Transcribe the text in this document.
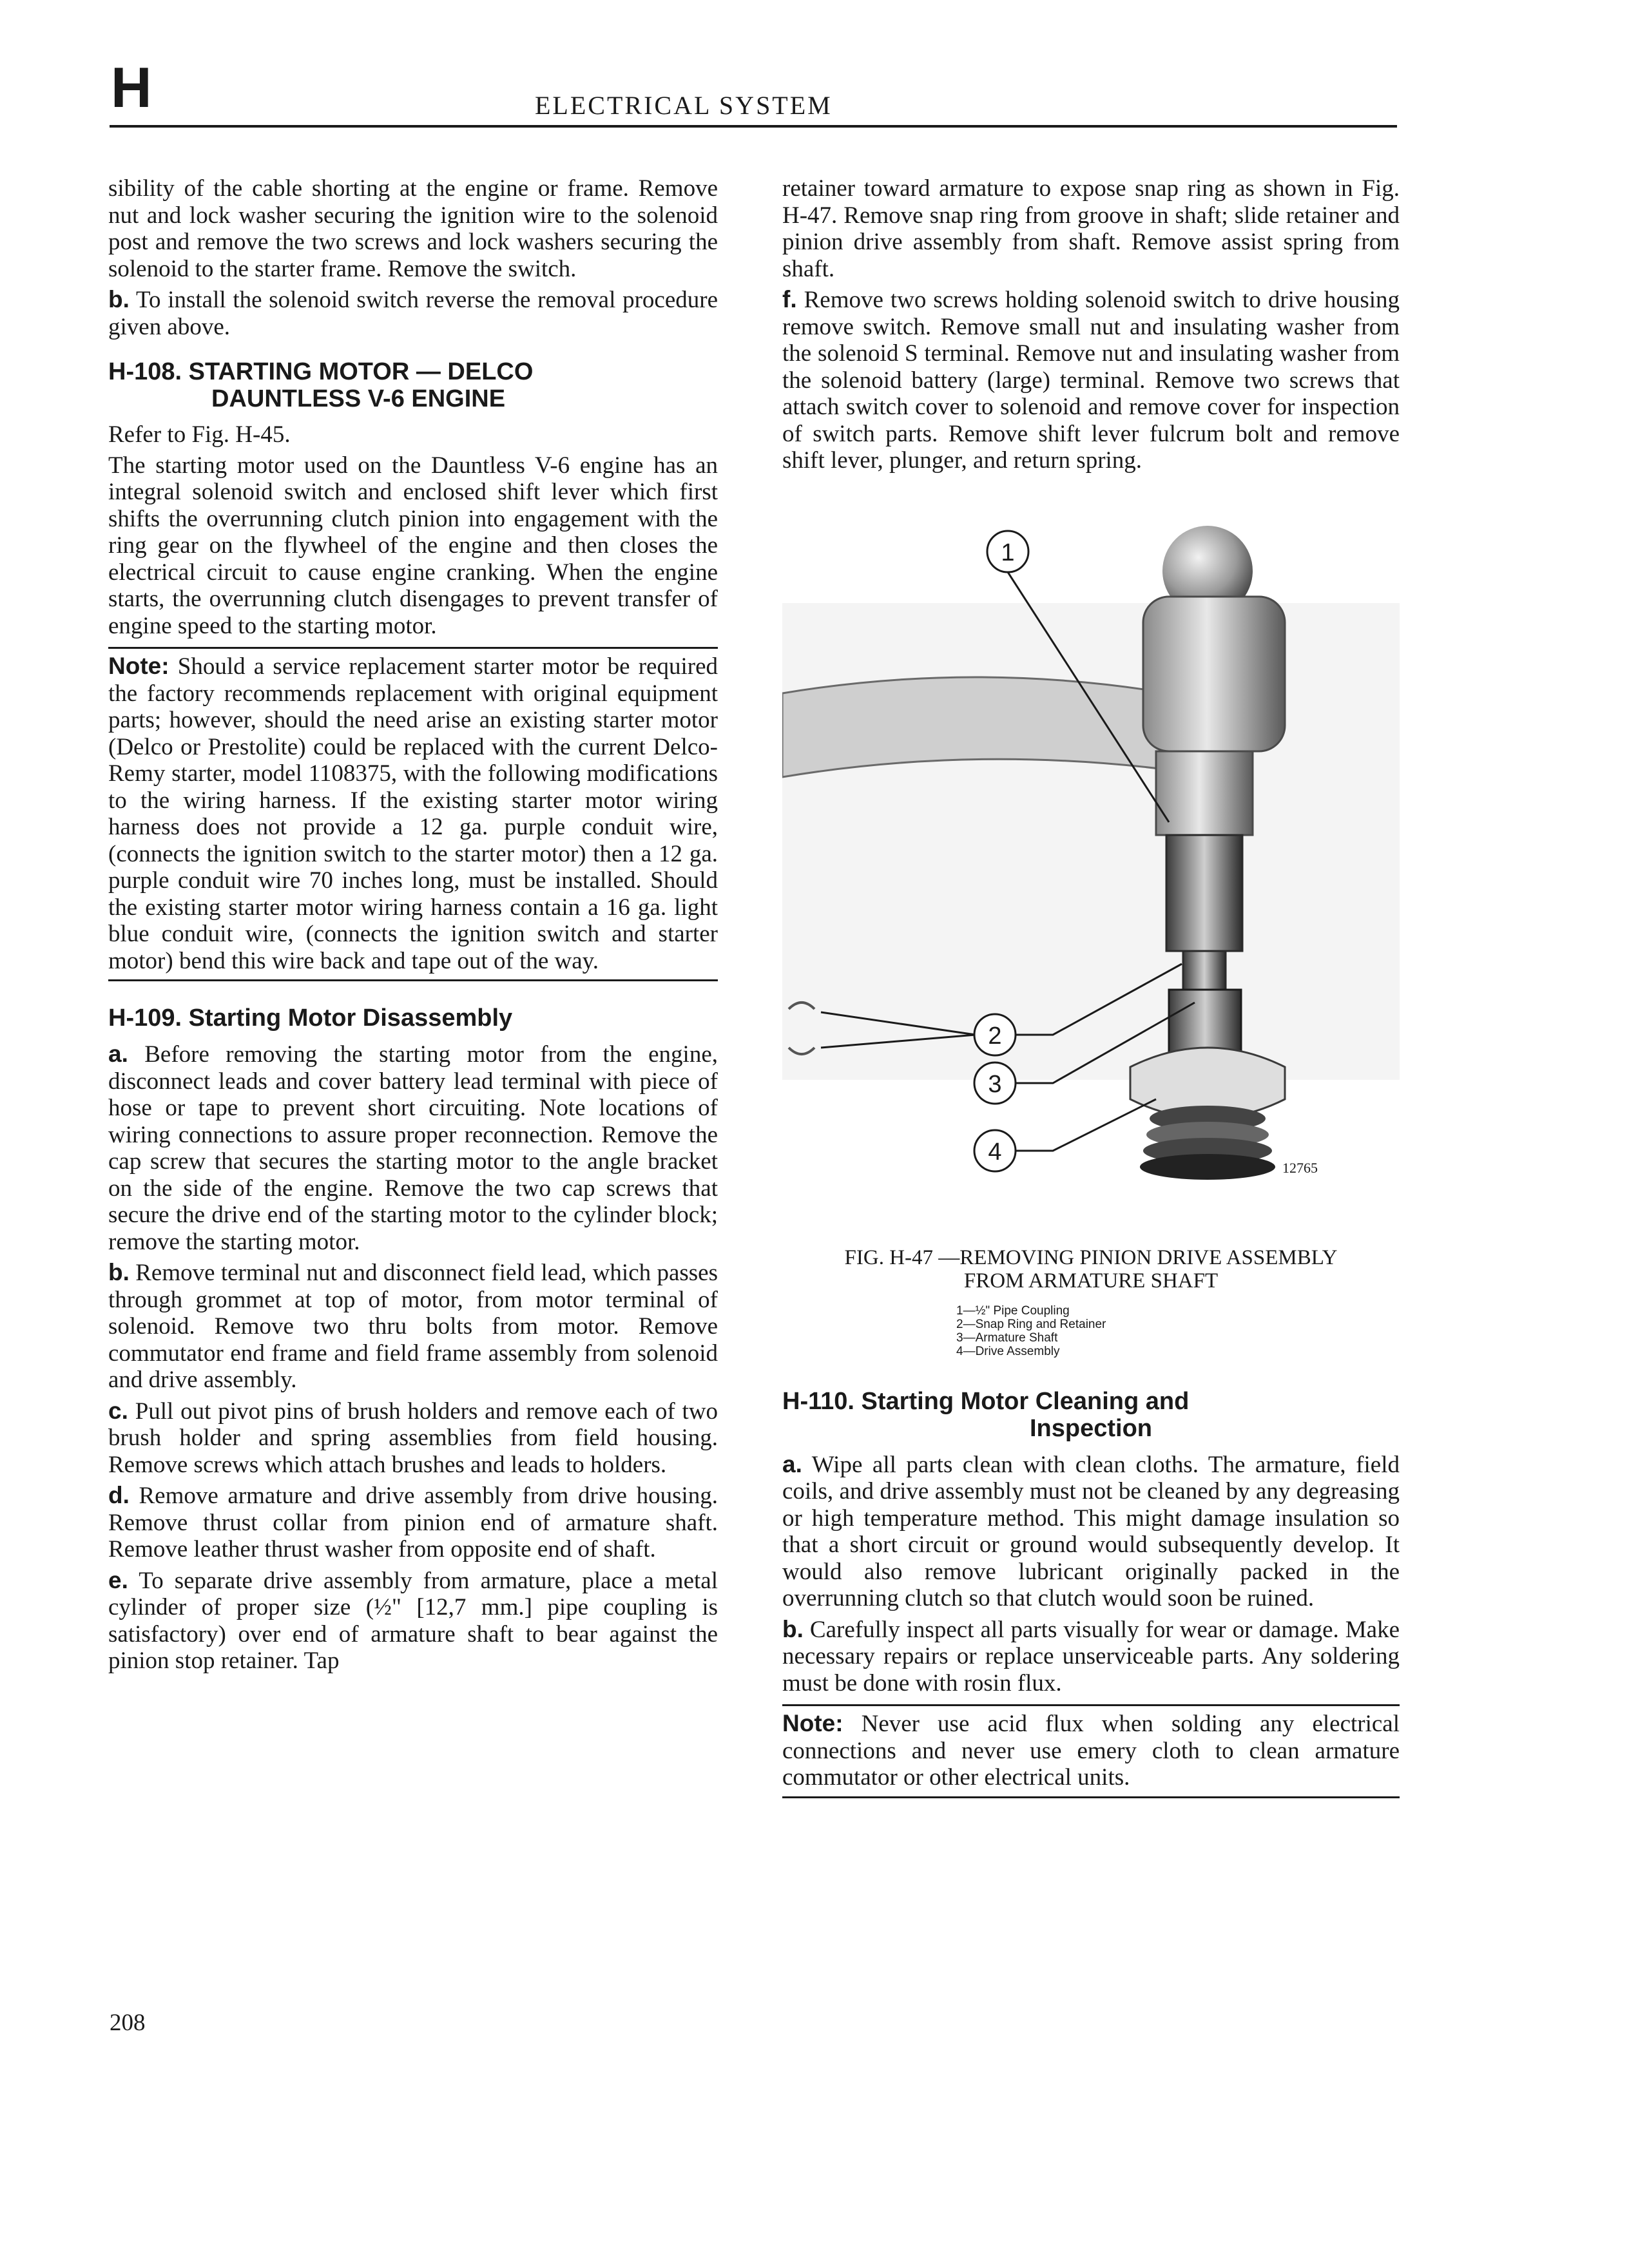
H	ELECTRICAL SYSTEM

sibility of the cable shorting at the engine or frame. Remove nut and lock washer securing the ignition wire to the solenoid post and remove the two screws and lock washers securing the solenoid to the starter frame. Remove the switch.

b. To install the solenoid switch reverse the removal procedure given above.

H-108. STARTING MOTOR — DELCO
DAUNTLESS V-6 ENGINE

Refer to Fig. H-45.

The starting motor used on the Dauntless V-6 engine has an integral solenoid switch and enclosed shift lever which first shifts the overrunning clutch pinion into engagement with the ring gear on the flywheel of the engine and then closes the electrical circuit to cause engine cranking. When the engine starts, the overrunning clutch disengages to prevent transfer of engine speed to the starting motor.

Note: Should a service replacement starter motor be required the factory recommends replacement with original equipment parts; however, should the need arise an existing starter motor (Delco or Prestolite) could be replaced with the current Delco-Remy starter, model 1108375, with the following modifications to the wiring harness. If the existing starter motor wiring harness does not provide a 12 ga. purple conduit wire, (connects the ignition switch to the starter motor) then a 12 ga. purple conduit wire 70 inches long, must be installed. Should the existing starter motor wiring harness contain a 16 ga. light blue conduit wire, (connects the ignition switch and starter motor) bend this wire back and tape out of the way.
H-109. Starting Motor Disassembly

a. Before removing the starting motor from the engine, disconnect leads and cover battery lead terminal with piece of hose or tape to prevent short circuiting. Note locations of wiring connections to assure proper reconnection. Remove the cap screw that secures the starting motor to the angle bracket on the side of the engine. Remove the two cap screws that secure the drive end of the starting motor to the cylinder block; remove the starting motor.

b. Remove terminal nut and disconnect field lead, which passes through grommet at top of motor, from motor terminal of solenoid. Remove two thru bolts from motor. Remove commutator end frame and field frame assembly from solenoid and drive assembly.

c. Pull out pivot pins of brush holders and remove each of two brush holder and spring assemblies from field housing. Remove screws which attach brushes and leads to holders.

d. Remove armature and drive assembly from drive housing. Remove thrust collar from pinion end of armature shaft. Remove leather thrust washer from opposite end of shaft.

e. To separate drive assembly from armature, place a metal cylinder of proper size (½" [12,7 mm.] pipe coupling is satisfactory) over end of armature shaft to bear against the pinion stop retainer. Tap

retainer toward armature to expose snap ring as shown in Fig. H-47. Remove snap ring from groove in shaft; slide retainer and pinion drive assembly from shaft. Remove assist spring from shaft.

f. Remove two screws holding solenoid switch to drive housing remove switch. Remove small nut and insulating washer from the solenoid S terminal. Remove nut and insulating washer from the solenoid battery (large) terminal. Remove two screws that attach switch cover to solenoid and remove cover for inspection of switch parts. Remove shift lever fulcrum bolt and remove shift lever, plunger, and return spring.

1
2
3
4
12765
FIG. H-47 —REMOVING PINION DRIVE ASSEMBLY
FROM ARMATURE SHAFT
1—½" Pipe Coupling
2—Snap Ring and Retainer
3—Armature Shaft
4—Drive Assembly
H-110. Starting Motor Cleaning and
Inspection

a. Wipe all parts clean with clean cloths. The armature, field coils, and drive assembly must not be cleaned by any degreasing or high temperature method. This might damage insulation so that a short circuit or ground would subsequently develop. It would also remove lubricant originally packed in the overrunning clutch so that clutch would soon be ruined.

b. Carefully inspect all parts visually for wear or damage. Make necessary repairs or replace unserviceable parts. Any soldering must be done with rosin flux.

Note: Never use acid flux when solding any electrical connections and never use emery cloth to clean armature commutator or other electrical units.
208
